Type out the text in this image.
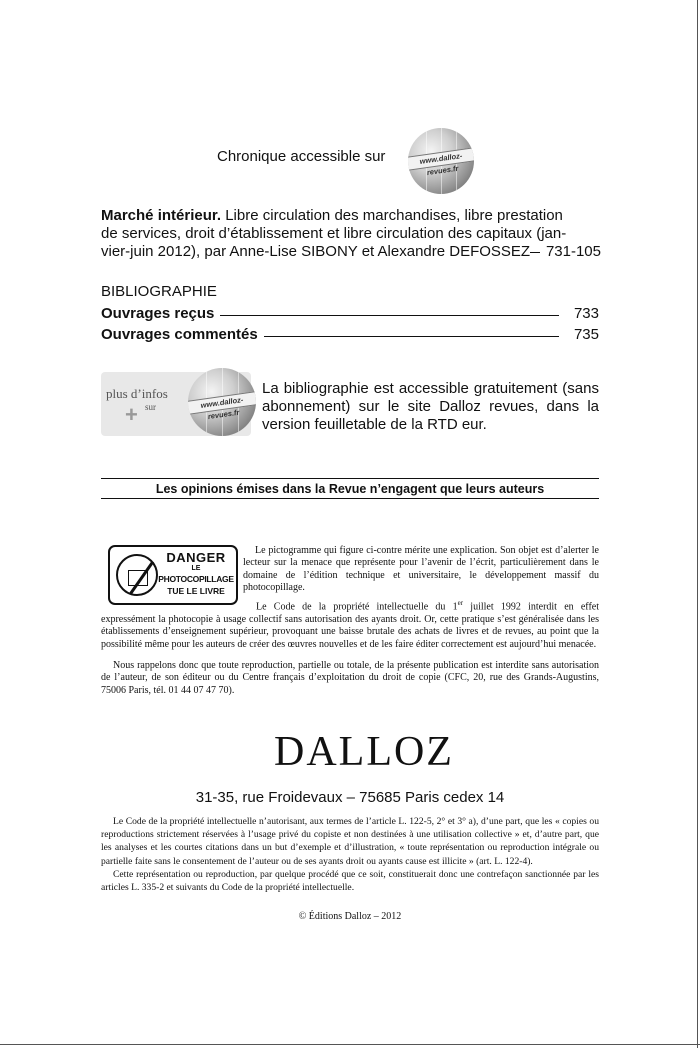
Chronique accessible sur	www.dalloz-revues.fr
Marché intérieur. Libre circulation des marchandises, libre prestation
de services, droit d’établissement et libre circulation des capitaux (jan-
vier-juin 2012), par Anne-Lise SIBONY et Alexandre DEFOSSEZ	731-105
BIBLIOGRAPHIE
Ouvrages reçus	733
Ouvrages commentés	735
plus d’infos
+ sur	www.dalloz-revues.fr
La bibliographie est accessible gratuitement (sans abonnement) sur le site Dalloz revues, dans la version feuilletable de la RTD eur.
Les opinions émises dans la Revue n’engagent que leurs auteurs
DANGER
LE
PHOTOCOPILLAGE
TUE LE LIVRE

Le pictogramme qui figure ci-contre mérite une explication. Son objet est d’alerter le lecteur sur la menace que représente pour l’avenir de l’écrit, particulièrement dans le domaine de l’édition technique et universitaire, le développement massif du photocopillage.

Le Code de la propriété intellectuelle du 1er juillet 1992 interdit en effet expressément la photocopie à usage collectif sans autorisation des ayants droit. Or, cette pratique s’est généralisée dans les établissements d’enseignement supérieur, provoquant une baisse brutale des achats de livres et de revues, au point que la possibilité même pour les auteurs de créer des œuvres nouvelles et de les faire éditer correctement est aujourd’hui menacée.

Nous rappelons donc que toute reproduction, partielle ou totale, de la présente publication est interdite sans autorisation de l’auteur, de son éditeur ou du Centre français d’exploitation du droit de copie (CFC, 20, rue des Grands-Augustins, 75006 Paris, tél. 01 44 07 47 70).

DALLOZ
31-35, rue Froidevaux – 75685 Paris cedex 14

Le Code de la propriété intellectuelle n’autorisant, aux termes de l’article L. 122-5, 2° et 3° a), d’une part, que les « copies ou reproductions strictement réservées à l’usage privé du copiste et non destinées à une utilisation collective » et, d’autre part, que les analyses et les courtes citations dans un but d’exemple et d’illustration, « toute représentation ou reproduction intégrale ou partielle faite sans le consentement de l’auteur ou de ses ayants droit ou ayants cause est illicite » (art. L. 122-4).

Cette représentation ou reproduction, par quelque procédé que ce soit, constituerait donc une contrefaçon sanctionnée par les articles L. 335-2 et suivants du Code de la propriété intellectuelle.

© Éditions Dalloz – 2012
